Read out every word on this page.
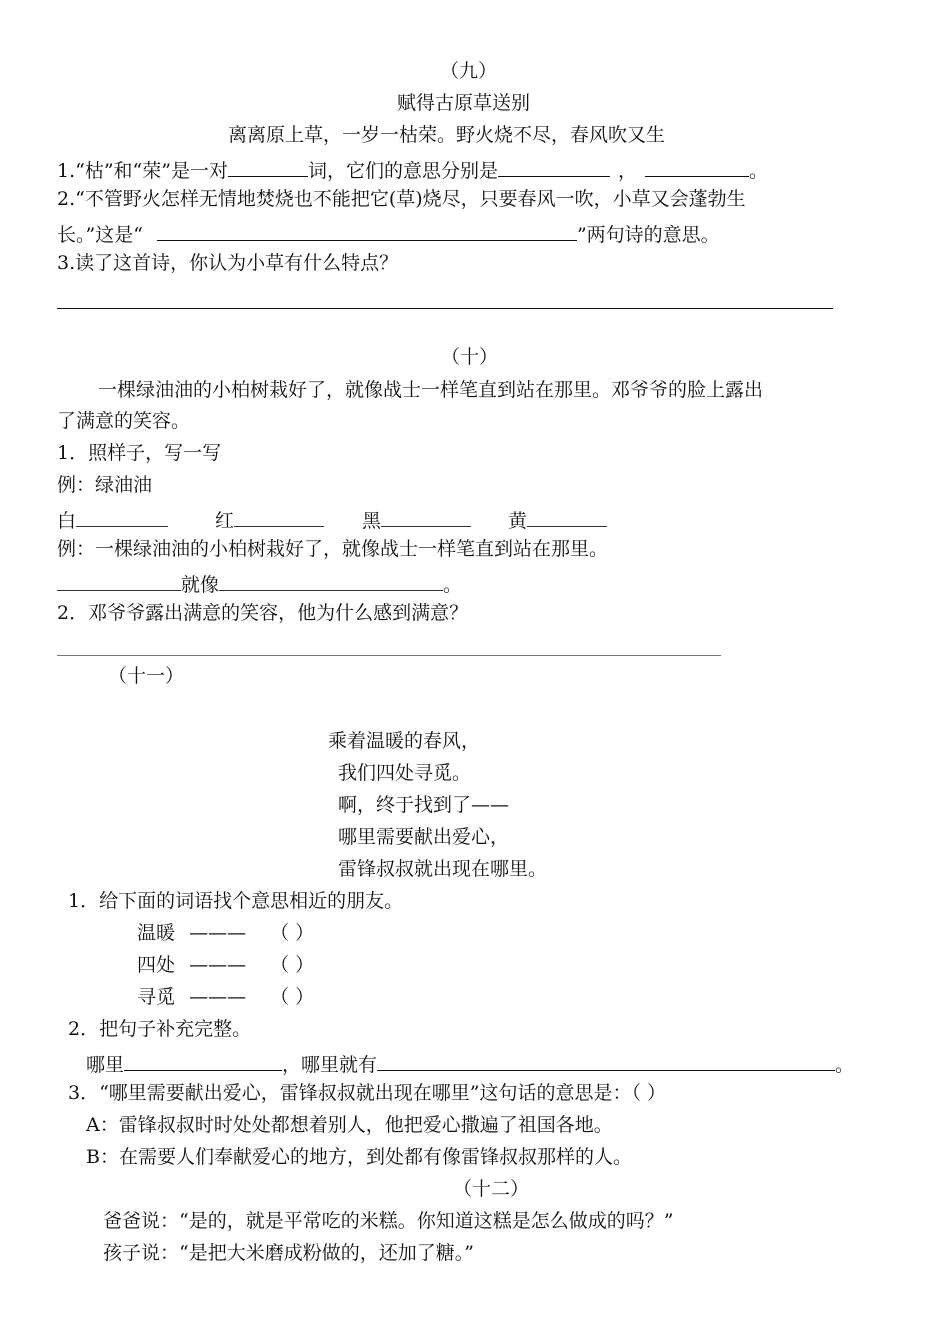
（九）
赋得古原草送别
离离原上草，一岁一枯荣。野火烧不尽，春风吹又生
1.“枯”和“荣”是一对	词，它们的意思分别是	，	。
2.“不管野火怎样无情地焚烧也不能把它(草)烧尽，只要春风一吹，小草又会蓬勃生
长。”这是“	”两句诗的意思。
3.读了这首诗，你认为小草有什么特点？
（十）
一棵绿油油的小柏树栽好了，就像战士一样笔直到站在那里。邓爷爷的脸上露出
了满意的笑容。
1．照样子，写一写
例：绿油油
白	红	黑	黄
例：一棵绿油油的小柏树栽好了，就像战士一样笔直到站在那里。
就像	。
2．邓爷爷露出满意的笑容，他为什么感到满意？
（十一）
乘着温暖的春风，
我们四处寻觅。
啊，终于找到了——
哪里需要献出爱心，
雷锋叔叔就出现在哪里。
1．给下面的词语找个意思相近的朋友。
温暖 ——— （ ）
四处 ——— （ ）
寻觅 ——— （ ）
2．把句子补充完整。
哪里	，哪里就有	。
3．“哪里需要献出爱心，雷锋叔叔就出现在哪里”这句话的意思是：（ ）
A：雷锋叔叔时时处处都想着别人，他把爱心撒遍了祖国各地。
B：在需要人们奉献爱心的地方，到处都有像雷锋叔叔那样的人。
（十二）
爸爸说：“是的，就是平常吃的米糕。你知道这糕是怎么做成的吗？”
孩子说：“是把大米磨成粉做的，还加了糖。”
